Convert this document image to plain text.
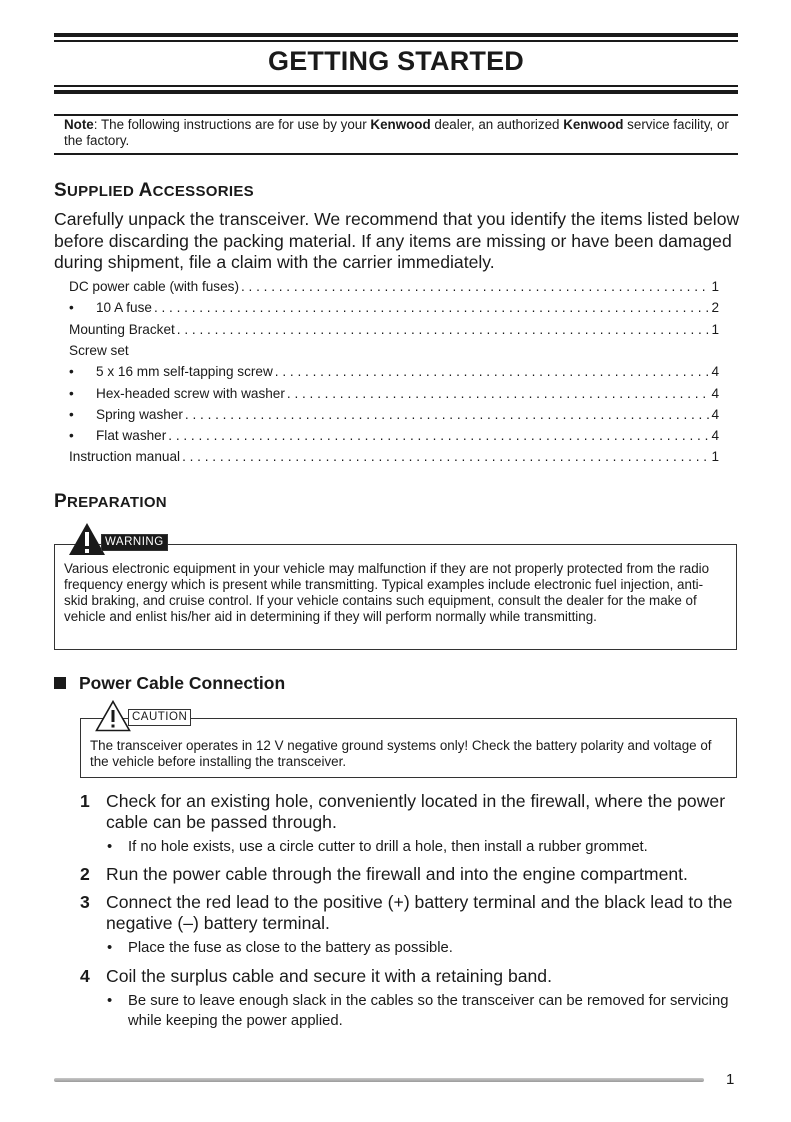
GETTING STARTED
Note: The following instructions are for use by your Kenwood dealer, an authorized Kenwood service facility, or the factory.
SUPPLIED ACCESSORIES
Carefully unpack the transceiver. We recommend that you identify the items listed below before discarding the packing material. If any items are missing or have been damaged during shipment, file a claim with the carrier immediately.
DC power cable (with fuses) . . .	1
•	10 A fuse . . .	2
Mounting Bracket . . .	1
Screw set
•	5 x 16 mm self-tapping screw . . .	4
•	Hex-headed screw with washer . . .	4
•	Spring washer . . .	4
•	Flat washer . . .	4
Instruction manual . . .	1
PREPARATION
Various electronic equipment in your vehicle may malfunction if they are not properly protected from the radio frequency energy which is present while transmitting. Typical examples include electronic fuel injection, anti-skid braking, and cruise control. If your vehicle contains such equipment, consult the dealer for the make of vehicle and enlist his/her aid in determining if they will perform normally while transmitting.
WARNING
Power Cable Connection
The transceiver operates in 12 V negative ground systems only! Check the battery polarity and voltage of the vehicle before installing the transceiver.
CAUTION
1 Check for an existing hole, conveniently located in the firewall, where the power cable can be passed through.
•	If no hole exists, use a circle cutter to drill a hole, then install a rubber grommet.
2 Run the power cable through the firewall and into the engine compartment.
3 Connect the red lead to the positive (+) battery terminal and the black lead to the negative (–) battery terminal.
•	Place the fuse as close to the battery as possible.
4 Coil the surplus cable and secure it with a retaining band.
•	Be sure to leave enough slack in the cables so the transceiver can be removed for servicing while keeping the power applied.
1
